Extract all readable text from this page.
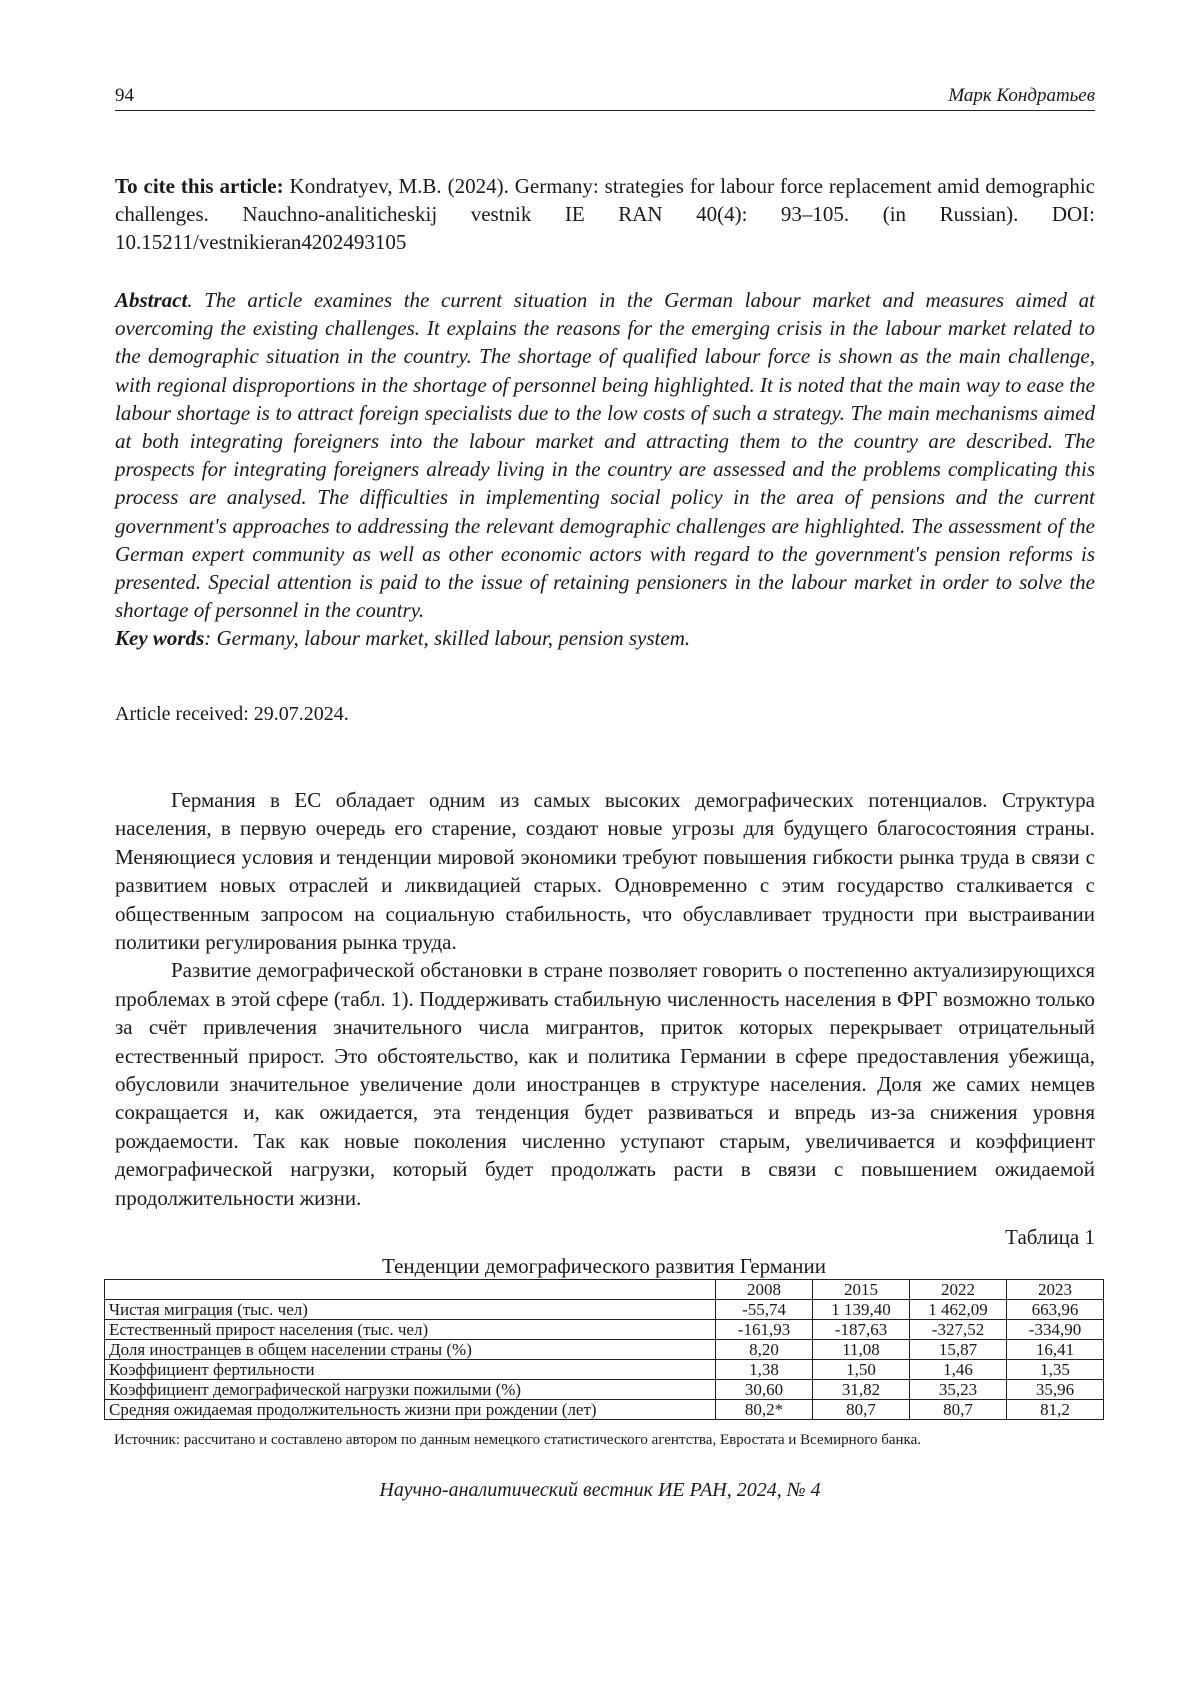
94	Марк Кондратьев
To cite this article: Kondratyev, M.B. (2024). Germany: strategies for labour force replacement amid demographic challenges. Nauchno-analiticheskij vestnik IE RAN 40(4): 93–105. (in Russian). DOI: 10.15211/vestnikieran4202493105
Abstract. The article examines the current situation in the German labour market and measures aimed at overcoming the existing challenges. It explains the reasons for the emerging crisis in the labour market related to the demographic situation in the country. The shortage of qualified labour force is shown as the main challenge, with regional disproportions in the shortage of personnel being highlighted. It is noted that the main way to ease the labour shortage is to attract foreign specialists due to the low costs of such a strategy. The main mechanisms aimed at both integrating foreigners into the labour market and attracting them to the country are described. The prospects for integrating foreigners already living in the country are assessed and the problems complicating this process are analysed. The difficulties in implementing social policy in the area of pensions and the current government's approaches to addressing the relevant demographic challenges are highlighted. The assessment of the German expert community as well as other economic actors with regard to the government's pension reforms is presented. Special attention is paid to the issue of retaining pensioners in the labour market in order to solve the shortage of personnel in the country.
Key words: Germany, labour market, skilled labour, pension system.
Article received: 29.07.2024.

Германия в ЕС обладает одним из самых высоких демографических потенциалов. Структура населения, в первую очередь его старение, создают новые угрозы для будущего благосостояния страны. Меняющиеся условия и тенденции мировой экономики требуют повышения гибкости рынка труда в связи с развитием новых отраслей и ликвидацией старых. Одновременно с этим государство сталкивается с общественным запросом на социальную стабильность, что обуславливает трудности при выстраивании политики регулирования рынка труда.

Развитие демографической обстановки в стране позволяет говорить о постепенно актуализирующихся проблемах в этой сфере (табл. 1). Поддерживать стабильную численность населения в ФРГ возможно только за счёт привлечения значительного числа мигрантов, приток которых перекрывает отрицательный естественный прирост. Это обстоятельство, как и политика Германии в сфере предоставления убежища, обусловили значительное увеличение доли иностранцев в структуре населения. Доля же самих немцев сокращается и, как ожидается, эта тенденция будет развиваться и впредь из-за снижения уровня рождаемости. Так как новые поколения численно уступают старым, увеличивается и коэффициент демографической нагрузки, который будет продолжать расти в связи с повышением ожидаемой продолжительности жизни.

Таблица 1
Тенденции демографического развития Германии
	2008	2015	2022	2023
Чистая миграция (тыс. чел)	-55,74	1 139,40	1 462,09	663,96
Естественный прирост населения (тыс. чел)	-161,93	-187,63	-327,52	-334,90
Доля иностранцев в общем населении страны (%)	8,20	11,08	15,87	16,41
Коэффициент фертильности	1,38	1,50	1,46	1,35
Коэффициент демографической нагрузки пожилыми (%)	30,60	31,82	35,23	35,96
Средняя ожидаемая продолжительность жизни при рождении (лет)	80,2*	80,7	80,7	81,2
Источник: рассчитано и составлено автором по данным немецкого статистического агентства, Евростата и Всемирного банка.
Научно-аналитический вестник ИЕ РАН, 2024, № 4
